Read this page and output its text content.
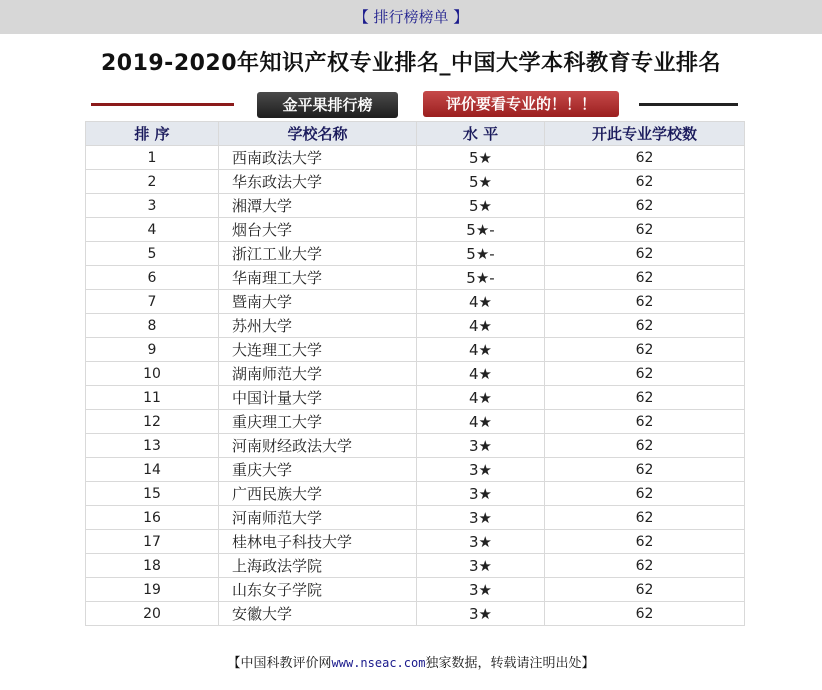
【 排行榜榜单 】
2019-2020年知识产权专业排名_中国大学本科教育专业排名
金平果排行榜	评价要看专业的！！！
排 序	学校名称	水 平	开此专业学校数
1	西南政法大学	5★	62
2	华东政法大学	5★	62
3	湘潭大学	5★	62
4	烟台大学	5★-	62
5	浙江工业大学	5★-	62
6	华南理工大学	5★-	62
7	暨南大学	4★	62
8	苏州大学	4★	62
9	大连理工大学	4★	62
10	湖南师范大学	4★	62
11	中国计量大学	4★	62
12	重庆理工大学	4★	62
13	河南财经政法大学	3★	62
14	重庆大学	3★	62
15	广西民族大学	3★	62
16	河南师范大学	3★	62
17	桂林电子科技大学	3★	62
18	上海政法学院	3★	62
19	山东女子学院	3★	62
20	安徽大学	3★	62
【中国科教评价网www.nseac.com独家数据，转载请注明出处】
